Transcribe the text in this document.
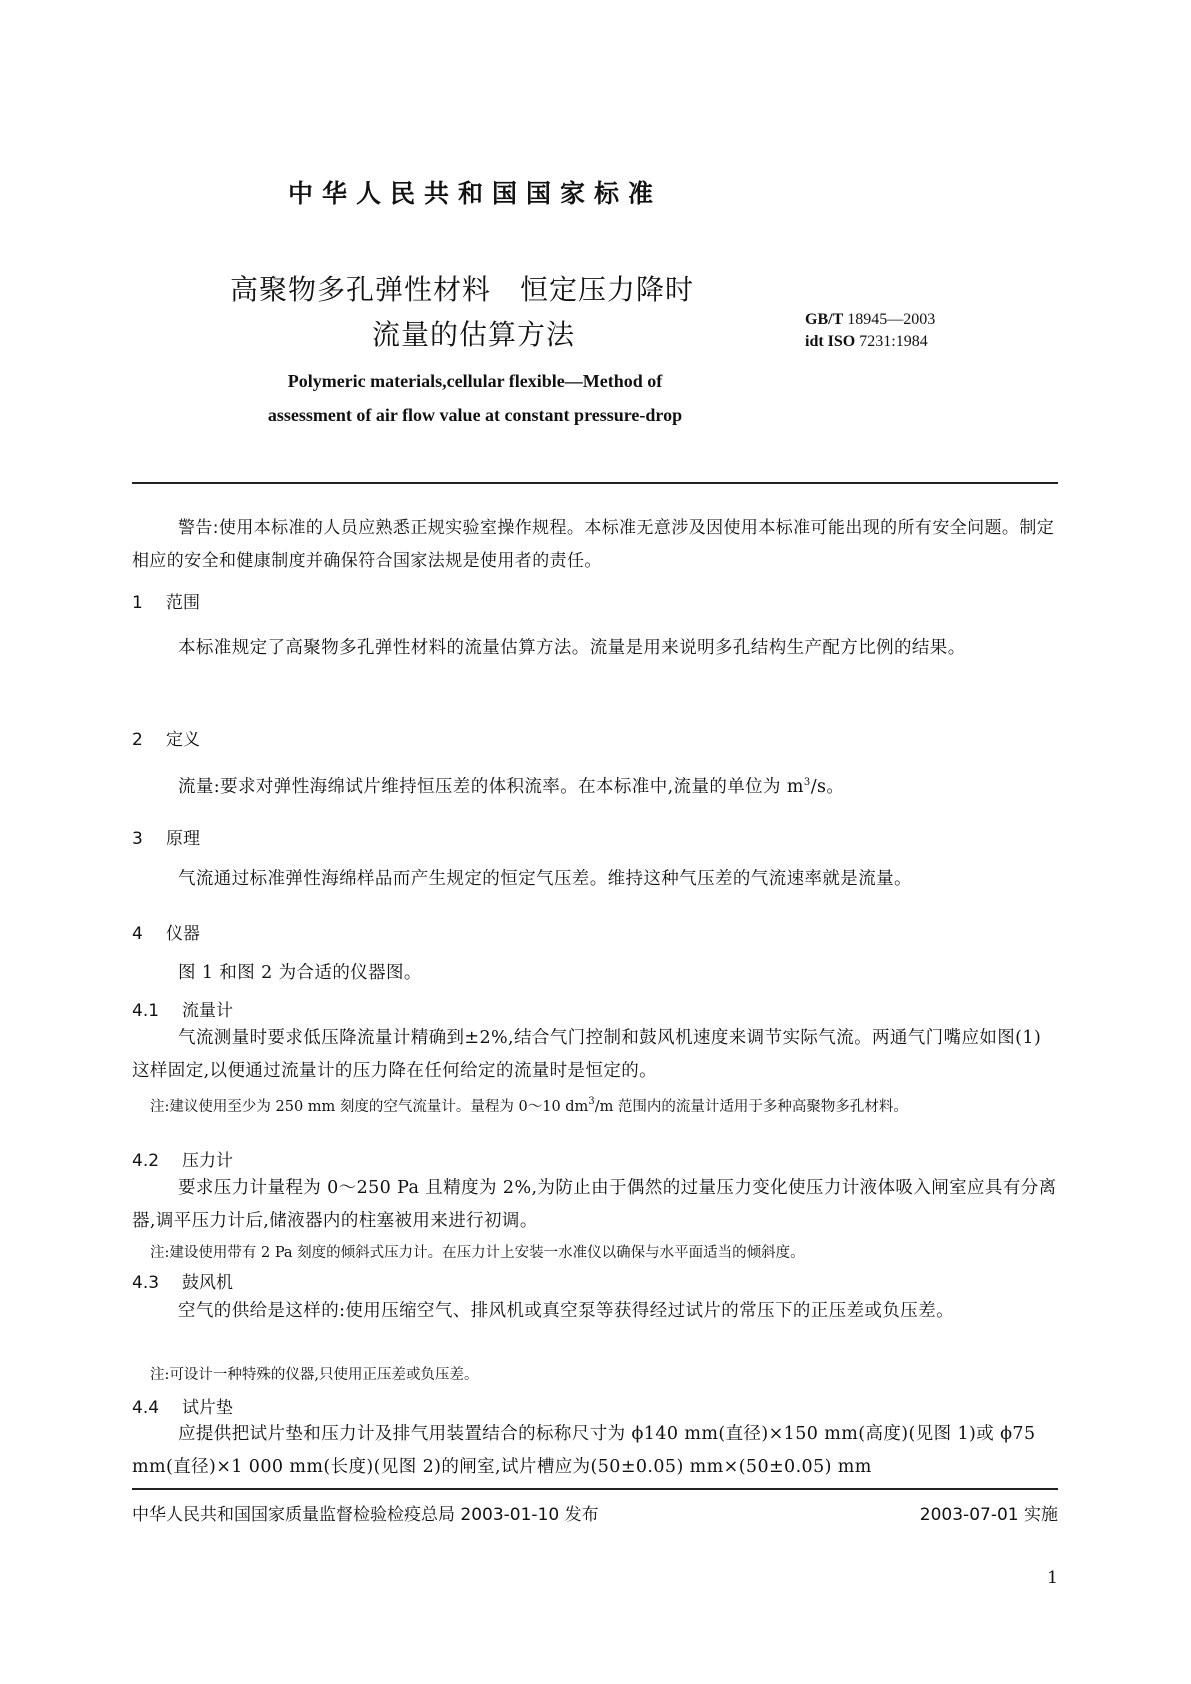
中华人民共和国国家标准
高聚物多孔弹性材料　恒定压力降时
流量的估算方法	GB/T 18945—2003
idt ISO 7231:1984
Polymeric materials,cellular flexible—Method of
assessment of air flow value at constant pressure-drop
警告:使用本标准的人员应熟悉正规实验室操作规程。本标准无意涉及因使用本标准可能出现的所有安全问题。制定相应的安全和健康制度并确保符合国家法规是使用者的责任。
1 范围
本标准规定了高聚物多孔弹性材料的流量估算方法。流量是用来说明多孔结构生产配方比例的结果。
2 定义
流量:要求对弹性海绵试片维持恒压差的体积流率。在本标准中,流量的单位为 $m^3/s$。
3 原理
气流通过标准弹性海绵样品而产生规定的恒定气压差。维持这种气压差的气流速率就是流量。
4 仪器
图 1 和图 2 为合适的仪器图。
4.1 流量计
气流测量时要求低压降流量计精确到±2%,结合气门控制和鼓风机速度来调节实际气流。两通气门嘴应如图(1)这样固定,以便通过流量计的压力降在任何给定的流量时是恒定的。
注:建议使用至少为 250 mm 刻度的空气流量计。量程为 0～10 $dm^3/m$ 范围内的流量计适用于多种高聚物多孔材料。
4.2 压力计
要求压力计量程为 0～250 Pa 且精度为 2%,为防止由于偶然的过量压力变化使压力计液体吸入闸室应具有分离器,调平压力计后,储液器内的柱塞被用来进行初调。
注:建设使用带有 2 Pa 刻度的倾斜式压力计。在压力计上安装一水准仪以确保与水平面适当的倾斜度。
4.3 鼓风机
空气的供给是这样的:使用压缩空气、排风机或真空泵等获得经过试片的常压下的正压差或负压差。
注:可设计一种特殊的仪器,只使用正压差或负压差。
4.4 试片垫
应提供把试片垫和压力计及排气用装置结合的标称尺寸为 ϕ140 mm(直径)×150 mm(高度)(见图 1)或 ϕ75 mm(直径)×1 000 mm(长度)(见图 2)的闸室,试片槽应为(50±0.05) mm×(50±0.05) mm
中华人民共和国国家质量监督检验检疫总局 2003-01-10 发布	2003-07-01 实施
1
